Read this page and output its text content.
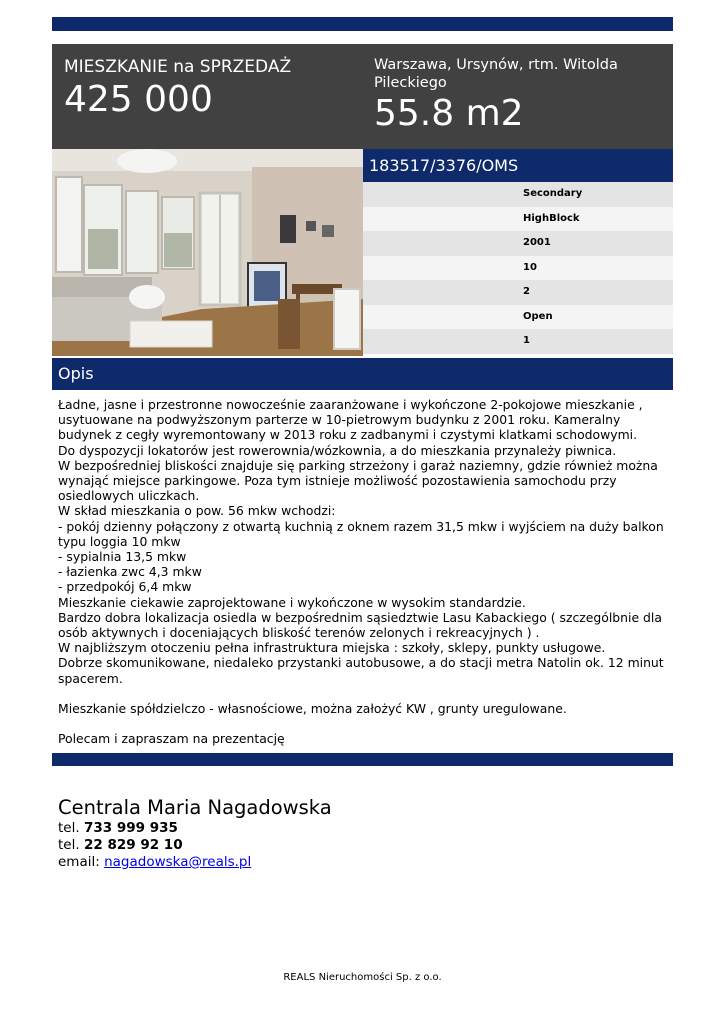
MIESZKANIE na SPRZEDAŻ
425 000
Warszawa, Ursynów, rtm. Witolda Pileckiego
55.8 m2
183517/3376/OMS
Secondary
HighBlock
2001
10
2
Open
1
Opis
Ładne, jasne i przestronne nowocześnie zaaranżowane i wykończone 2-pokojowe mieszkanie ,
usytuowane na podwyższonym parterze w 10-pietrowym budynku z 2001 roku. Kameralny
budynek z cegły wyremontowany w 2013 roku z zadbanymi i czystymi klatkami schodowymi.
Do dyspozycji lokatorów jest rowerownia/wózkownia, a do mieszkania przynależy piwnica.
W bezpośredniej bliskości znajduje się parking strzeżony i garaż naziemny, gdzie również można
wynająć miejsce parkingowe. Poza tym istnieje możliwość pozostawienia samochodu przy
osiedlowych uliczkach.
W skład mieszkania o pow. 56 mkw wchodzi:
- pokój dzienny połączony z otwartą kuchnią z oknem razem 31,5 mkw i wyjściem na duży balkon
typu loggia 10 mkw
- sypialnia 13,5 mkw
- łazienka zwc 4,3 mkw
- przedpokój 6,4 mkw
Mieszkanie ciekawie zaprojektowane i wykończone w wysokim standardzie.
Bardzo dobra lokalizacja osiedla w bezpośrednim sąsiedztwie Lasu Kabackiego ( szczególbnie dla
osób aktywnych i doceniających bliskość terenów zelonych i rekreacyjnych ) .
W najbliższym otoczeniu pełna infrastruktura miejska : szkoły, sklepy, punkty usługowe.
Dobrze skomunikowane, niedaleko przystanki autobusowe, a do stacji metra Natolin ok. 12 minut
spacerem.

Mieszkanie spółdzielczo - własnościowe, można założyć KW , grunty uregulowane.

Polecam i zapraszam na prezentację
Centrala Maria Nagadowska
tel. 733 999 935
tel. 22 829 92 10
email: nagadowska@reals.pl
REALS Nieruchomości Sp. z o.o.
